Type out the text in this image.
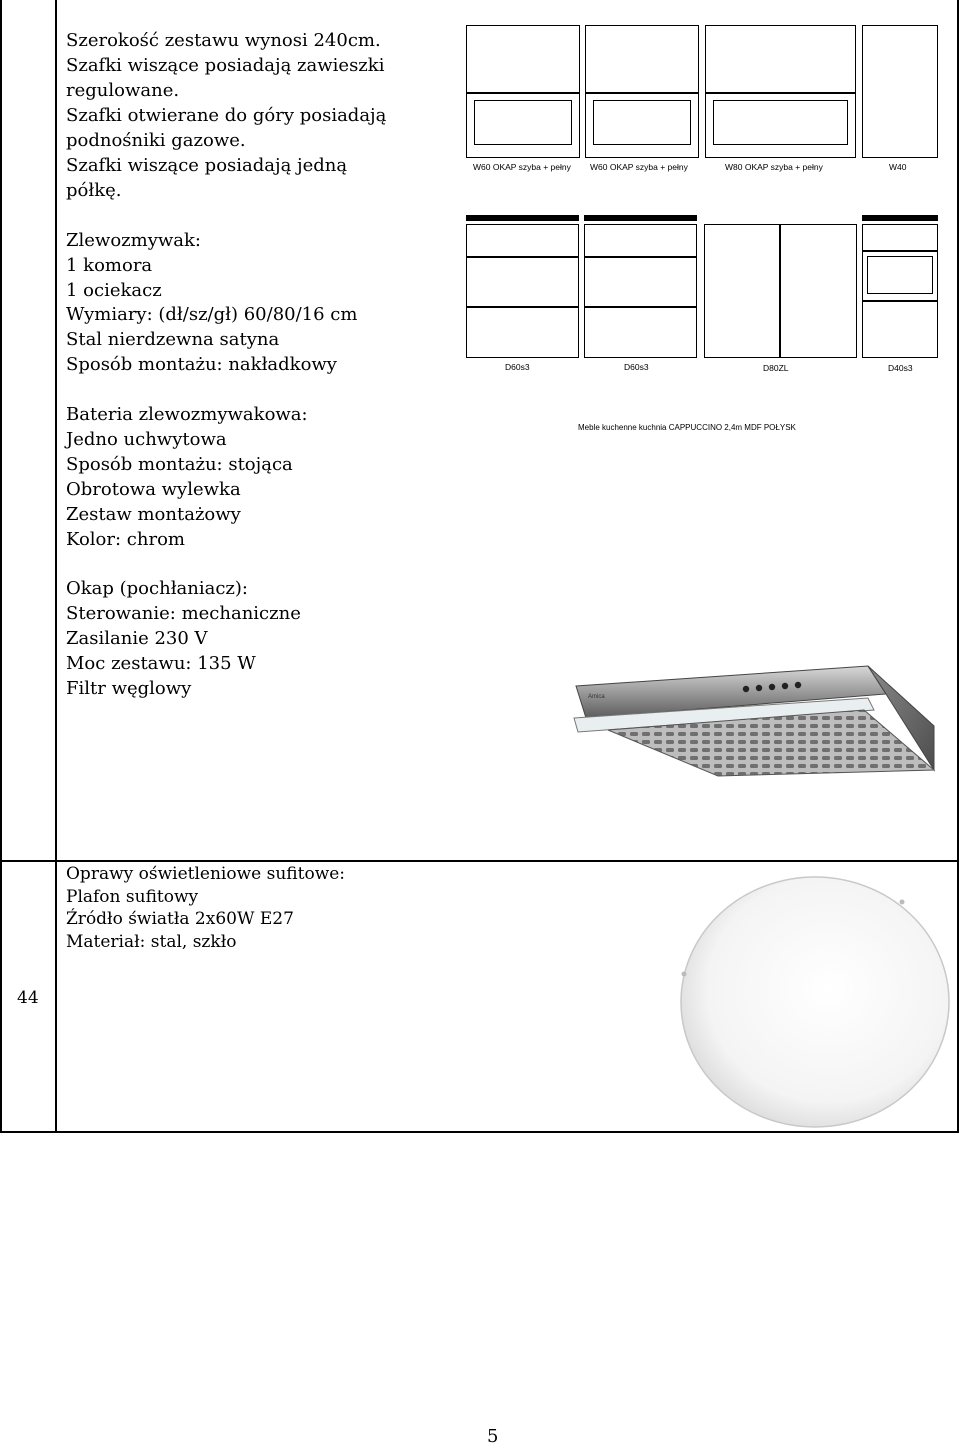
Szerokość zestawu wynosi 240cm.
Szafki wiszące posiadają zawieszki
regulowane.
Szafki otwierane do góry posiadają
podnośniki gazowe.
Szafki wiszące posiadają jedną
półkę.
Zlewozmywak:
1 komora
1 ociekacz
Wymiary: (dł/sz/gł) 60/80/16 cm
Stal nierdzewna satyna
Sposób montażu: nakładkowy
Bateria zlewozmywakowa:
Jedno uchwytowa
Sposób montażu: stojąca
Obrotowa wylewka
Zestaw montażowy
Kolor: chrom
Okap (pochłaniacz):
Sterowanie: mechaniczne
Zasilanie 230 V
Moc zestawu: 135 W
Filtr węglowy
W60 OKAP szyba + pełny W60 OKAP szyba + pełny	W80 OKAP szyba + pełny	W40
D60s3	D60s3	D80ZL	D40s3
Meble kuchenne kuchnia CAPPUCCINO 2,4m MDF POŁYSK
Amica
44
Oprawy oświetleniowe sufitowe:
Plafon sufitowy
Źródło światła 2x60W E27
Materiał: stal, szkło
5
